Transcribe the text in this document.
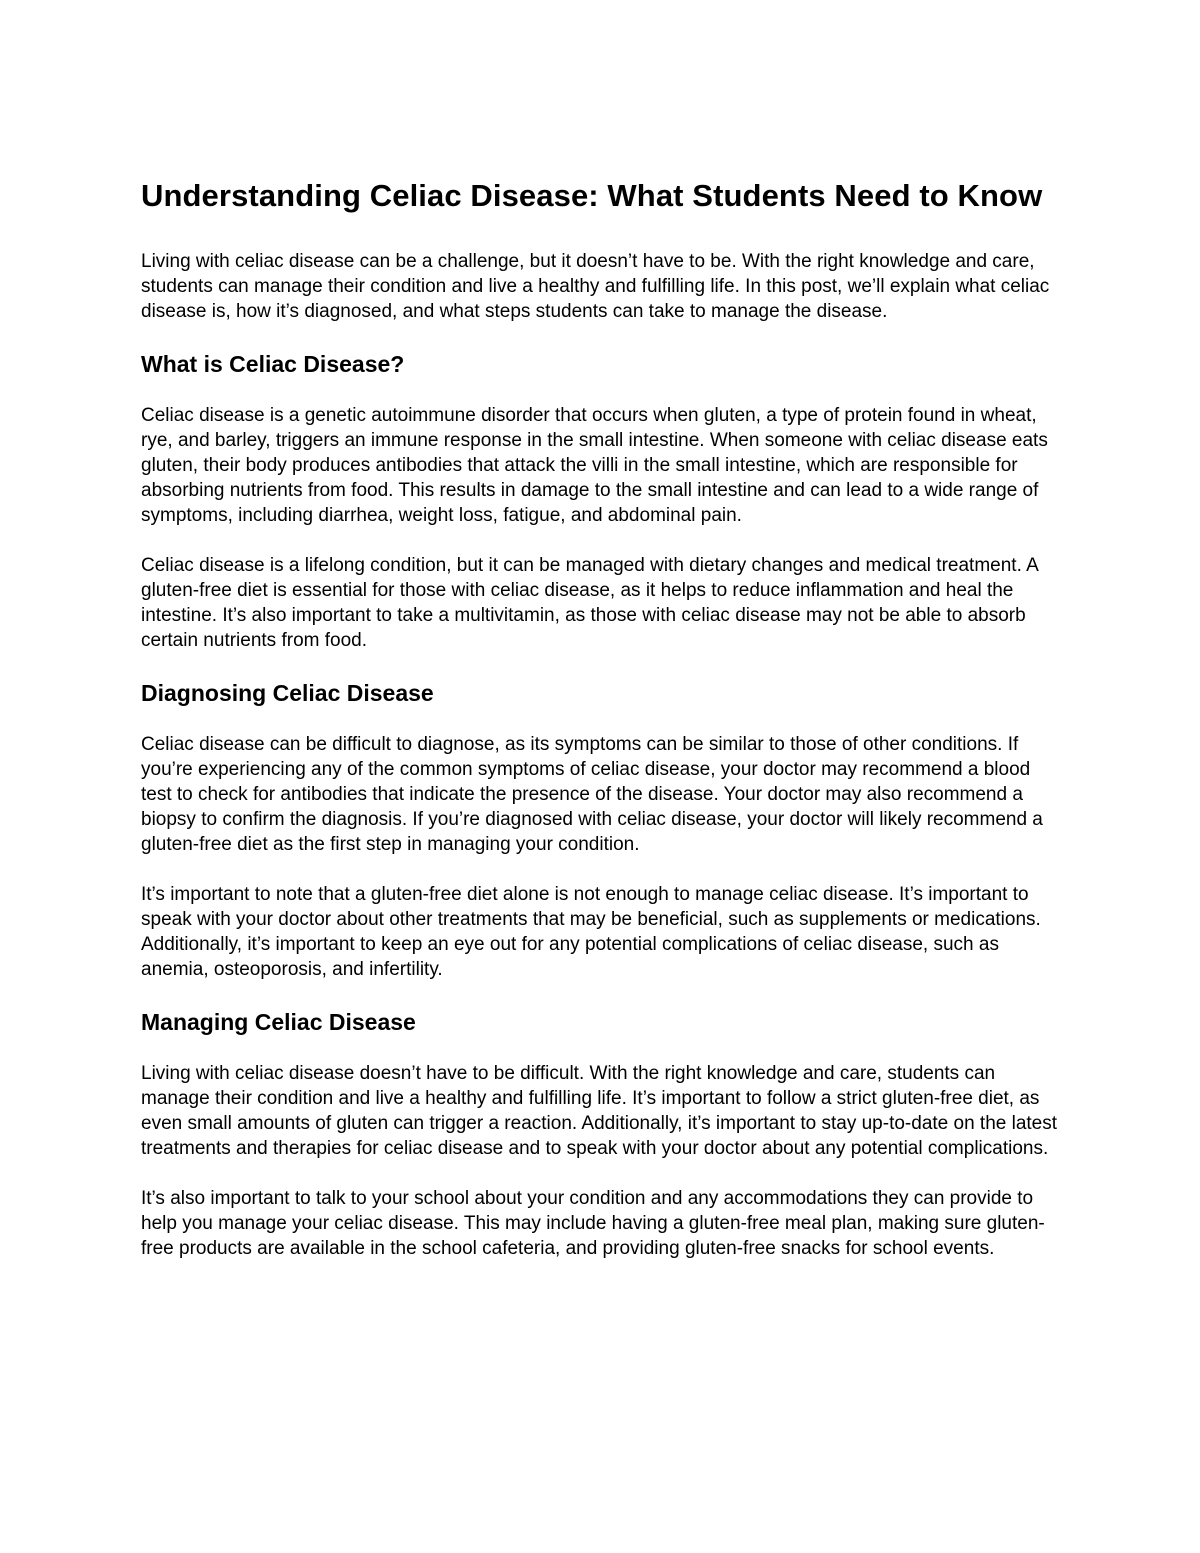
Understanding Celiac Disease: What Students Need to Know

Living with celiac disease can be a challenge, but it doesn’t have to be. With the right knowledge and care, students can manage their condition and live a healthy and fulfilling life. In this post, we’ll explain what celiac disease is, how it’s diagnosed, and what steps students can take to manage the disease.

What is Celiac Disease?

Celiac disease is a genetic autoimmune disorder that occurs when gluten, a type of protein found in wheat, rye, and barley, triggers an immune response in the small intestine. When someone with celiac disease eats gluten, their body produces antibodies that attack the villi in the small intestine, which are responsible for absorbing nutrients from food. This results in damage to the small intestine and can lead to a wide range of symptoms, including diarrhea, weight loss, fatigue, and abdominal pain.

Celiac disease is a lifelong condition, but it can be managed with dietary changes and medical treatment. A gluten-free diet is essential for those with celiac disease, as it helps to reduce inflammation and heal the intestine. It’s also important to take a multivitamin, as those with celiac disease may not be able to absorb certain nutrients from food.

Diagnosing Celiac Disease

Celiac disease can be difficult to diagnose, as its symptoms can be similar to those of other conditions. If you’re experiencing any of the common symptoms of celiac disease, your doctor may recommend a blood test to check for antibodies that indicate the presence of the disease. Your doctor may also recommend a biopsy to confirm the diagnosis. If you’re diagnosed with celiac disease, your doctor will likely recommend a gluten-free diet as the first step in managing your condition.

It’s important to note that a gluten-free diet alone is not enough to manage celiac disease. It’s important to speak with your doctor about other treatments that may be beneficial, such as supplements or medications. Additionally, it’s important to keep an eye out for any potential complications of celiac disease, such as anemia, osteoporosis, and infertility.

Managing Celiac Disease

Living with celiac disease doesn’t have to be difficult. With the right knowledge and care, students can manage their condition and live a healthy and fulfilling life. It’s important to follow a strict gluten-free diet, as even small amounts of gluten can trigger a reaction. Additionally, it’s important to stay up-to-date on the latest treatments and therapies for celiac disease and to speak with your doctor about any potential complications.

It’s also important to talk to your school about your condition and any accommodations they can provide to help you manage your celiac disease. This may include having a gluten-free meal plan, making sure gluten-free products are available in the school cafeteria, and providing gluten-free snacks for school events.
